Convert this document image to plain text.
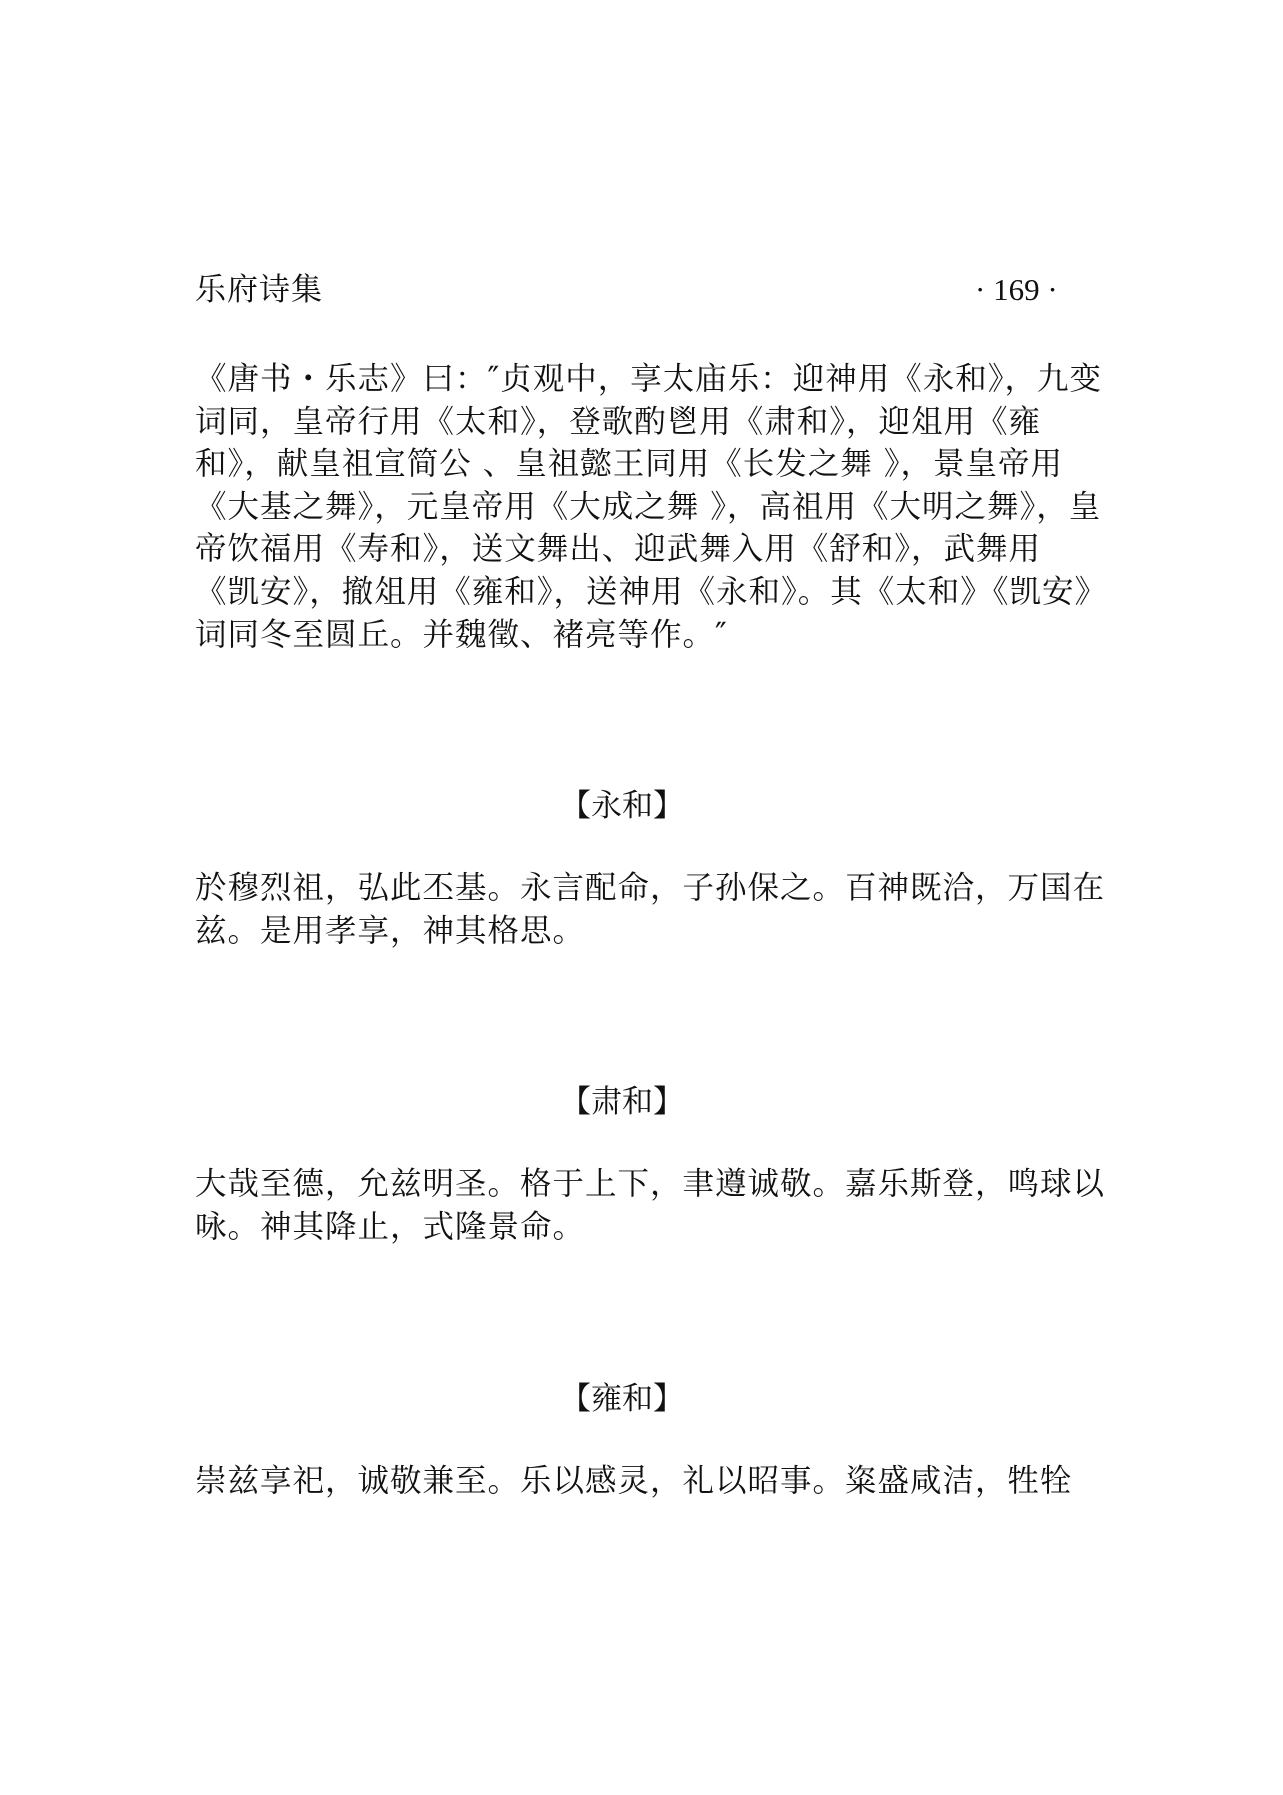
乐府诗集	· 169 ·

《唐书・乐志》曰：″贞观中，享太庙乐：迎神用《永和》，九变词同，皇帝行用《太和》，登歌酌鬯用《肃和》，迎俎用《雍和》，献皇祖宣简公 、皇祖懿王同用《长发之舞 》，景皇帝用《大基之舞》，元皇帝用《大成之舞 》，高祖用《大明之舞》，皇帝饮福用《寿和》，送文舞出、迎武舞入用《舒和》，武舞用《凯安》，撤俎用《雍和》，送神用《永和》。其《太和》《凯安》词同冬至圆丘。并魏徵、褚亮等作。″

【永和】

於穆烈祖，弘此丕基。永言配命，子孙保之。百神既洽，万国在兹。是用孝享，神其格思。

【肃和】

大哉至德，允兹明圣。格于上下，聿遵诚敬。嘉乐斯登，鸣球以咏。神其降止，式隆景命。

【雍和】

崇兹享祀，诚敬兼至。乐以感灵，礼以昭事。粢盛咸洁，牲牷
